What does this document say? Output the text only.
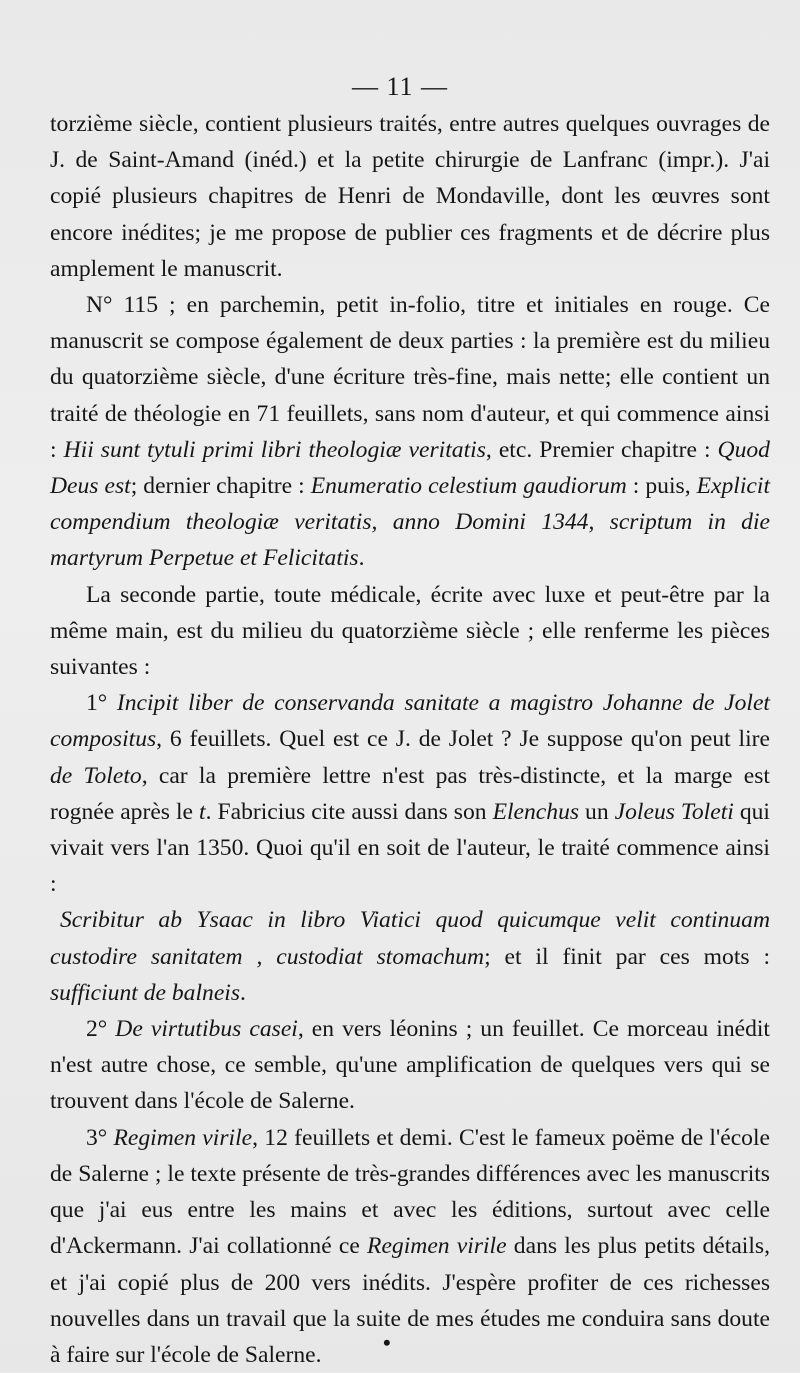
— 11 —

torzième siècle, contient plusieurs traités, entre autres quelques ouvrages de J. de Saint-Amand (inéd.) et la petite chirurgie de Lanfranc (impr.). J'ai copié plusieurs chapitres de Henri de Mondaville, dont les œuvres sont encore inédites; je me propose de publier ces fragments et de décrire plus amplement le manuscrit.

N° 115 ; en parchemin, petit in-folio, titre et initiales en rouge. Ce manuscrit se compose également de deux parties : la première est du milieu du quatorzième siècle, d'une écriture très-fine, mais nette; elle contient un traité de théologie en 71 feuillets, sans nom d'auteur, et qui commence ainsi : Hii sunt tytuli primi libri theologiæ veritatis, etc. Premier chapitre : Quod Deus est; dernier chapitre : Enumeratio celestium gaudiorum : puis, Explicit compendium theologiæ veritatis, anno Domini 1344, scriptum in die martyrum Perpetue et Felicitatis.

La seconde partie, toute médicale, écrite avec luxe et peut-être par la même main, est du milieu du quatorzième siècle ; elle renferme les pièces suivantes :

1° Incipit liber de conservanda sanitate a magistro Johanne de Jolet compositus, 6 feuillets. Quel est ce J. de Jolet ? Je suppose qu'on peut lire de Toleto, car la première lettre n'est pas très-distincte, et la marge est rognée après le t. Fabricius cite aussi dans son Elenchus un Joleus Toleti qui vivait vers l'an 1350. Quoi qu'il en soit de l'auteur, le traité commence ainsi :

Scribitur ab Ysaac in libro Viatici quod quicumque velit continuam custodire sanitatem , custodiat stomachum; et il finit par ces mots : sufficiunt de balneis.

2° De virtutibus casei, en vers léonins ; un feuillet. Ce morceau inédit n'est autre chose, ce semble, qu'une amplification de quelques vers qui se trouvent dans l'école de Salerne.

3° Regimen virile, 12 feuillets et demi. C'est le fameux poëme de l'école de Salerne ; le texte présente de très-grandes différences avec les manuscrits que j'ai eus entre les mains et avec les éditions, surtout avec celle d'Ackermann. J'ai collationné ce Regimen virile dans les plus petits détails, et j'ai copié plus de 200 vers inédits. J'espère profiter de ces richesses nouvelles dans un travail que la suite de mes études me conduira sans doute à faire sur l'école de Salerne.	•
